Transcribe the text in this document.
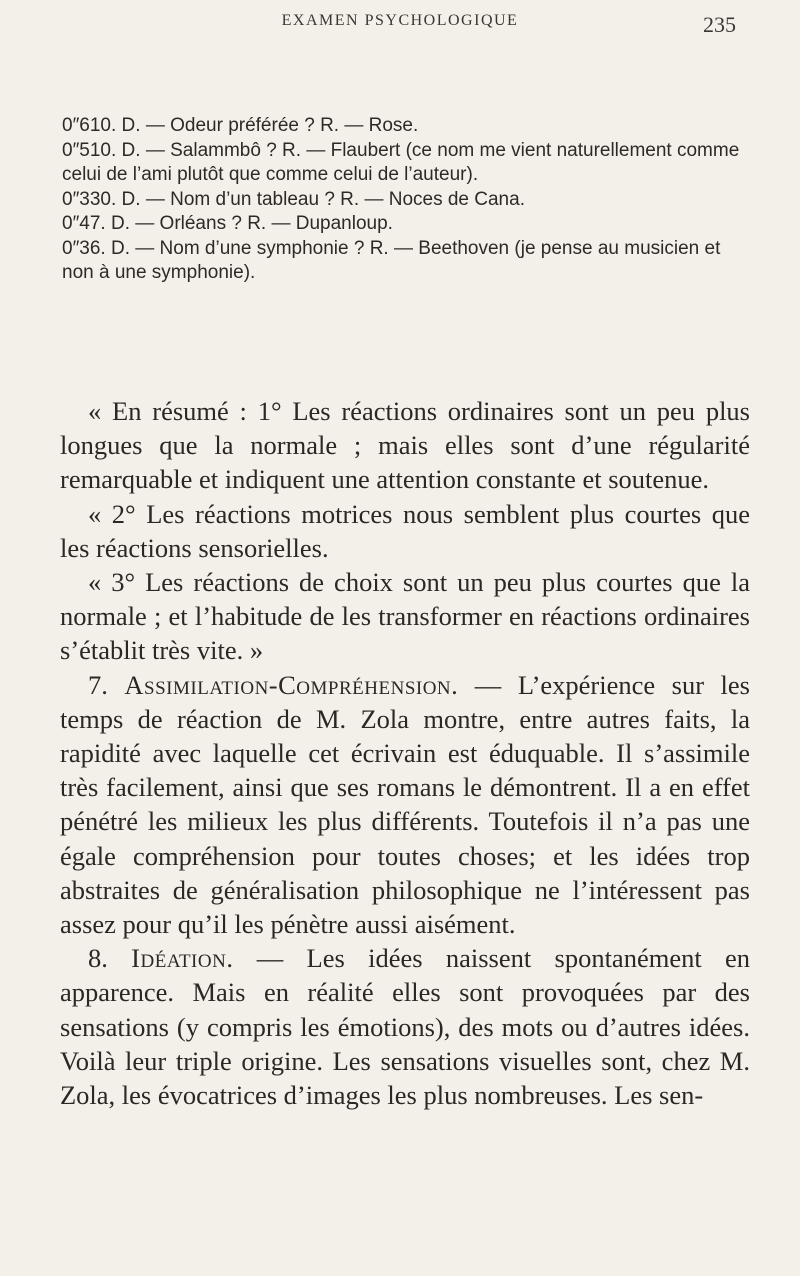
EXAMEN PSYCHOLOGIQUE	235

0″610. D. — Odeur préférée ? R. — Rose.

0″510. D. — Salammbô ? R. — Flaubert (ce nom me vient naturellement comme celui de l’ami plutôt que comme celui de l’auteur).

0″330. D. — Nom d’un tableau ? R. — Noces de Cana.

0″47. D. — Orléans ? R. — Dupanloup.

0″36. D. — Nom d’une symphonie ? R. — Beethoven (je pense au musicien et non à une symphonie).

« En résumé : 1° Les réactions ordinaires sont un peu plus longues que la normale ; mais elles sont d’une régularité remarquable et indiquent une attention constante et soutenue.

« 2° Les réactions motrices nous semblent plus courtes que les réactions sensorielles.

« 3° Les réactions de choix sont un peu plus courtes que la normale ; et l’habitude de les transformer en réactions ordinaires s’établit très vite. »

7. Assimilation-Compréhension. — L’expérience sur les temps de réaction de M. Zola montre, entre autres faits, la rapidité avec laquelle cet écrivain est éduquable. Il s’assimile très facilement, ainsi que ses romans le démontrent. Il a en effet pénétré les milieux les plus différents. Toutefois il n’a pas une égale compréhension pour toutes choses; et les idées trop abstraites de généralisation philosophique ne l’intéressent pas assez pour qu’il les pénètre aussi aisément.

8. Idéation. — Les idées naissent spontanément en apparence. Mais en réalité elles sont provoquées par des sensations (y compris les émotions), des mots ou d’autres idées. Voilà leur triple origine. Les sensations visuelles sont, chez M. Zola, les évocatrices d’images les plus nombreuses. Les sen-
